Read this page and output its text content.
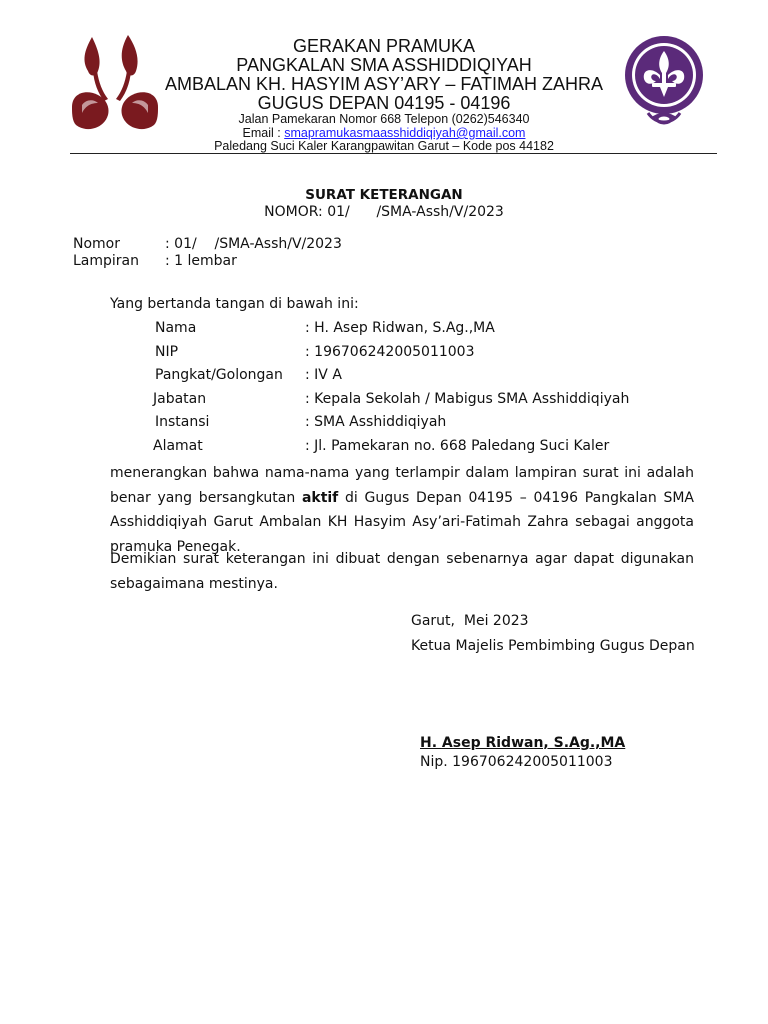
GERAKAN PRAMUKA
PANGKALAN SMA ASSHIDDIQIYAH
AMBALAN KH. HASYIM ASY’ARY – FATIMAH ZAHRA
GUGUS DEPAN 04195 - 04196
Jalan Pamekaran Nomor 668 Telepon (0262)546340
Email : smapramukasmaasshiddiqiyah@gmail.com
Paledang Suci Kaler Karangpawitan Garut – Kode pos 44182
SURAT KETERANGAN
NOMOR: 01/      /SMA-Assh/V/2023
Nomor	: 01/    /SMA-Assh/V/2023
Lampiran : 1 lembar
Yang bertanda tangan di bawah ini:
Nama	: H. Asep Ridwan, S.Ag.,MA
NIP	: 196706242005011003
Pangkat/Golongan : IV A
Jabatan	: Kepala Sekolah / Mabigus SMA Asshiddiqiyah
Instansi	: SMA Asshiddiqiyah
Alamat	: Jl. Pamekaran no. 668 Paledang Suci Kaler
menerangkan bahwa nama-nama yang terlampir dalam lampiran surat ini adalah benar yang bersangkutan aktif di Gugus Depan 04195 – 04196 Pangkalan SMA Asshiddiqiyah Garut Ambalan KH Hasyim Asy’ari-Fatimah Zahra sebagai anggota pramuka Penegak.
Demikian surat keterangan ini dibuat dengan sebenarnya agar dapat digunakan sebagaimana mestinya.
Garut,  Mei 2023
Ketua Majelis Pembimbing Gugus Depan
H. Asep Ridwan, S.Ag.,MA
Nip. 196706242005011003
